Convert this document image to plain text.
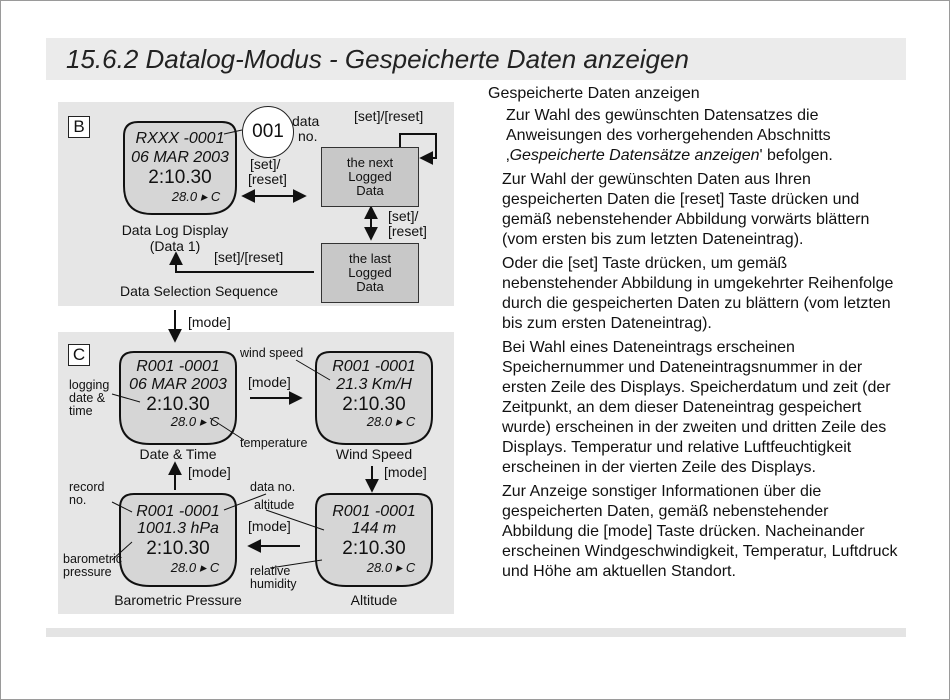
15.6.2 Datalog-Modus - Gespeicherte Daten anzeigen
B
RXXX -0001
06 MAR 2003
2:10.30
28.0 ▸ C
001 data
no.
[set]/[reset]
[set]/
[reset]
the next
Logged
Data
[set]/
[reset]
the last
Logged
Data
Data Log Display
(Data 1)
[set]/[reset]
Data Selection Sequence
[mode]
C
R001 -0001
06 MAR 2003
2:10.30
28.0 ▸ C
Date & Time
logging
date &
time
R001 -0001
21.3 Km/H
2:10.30
28.0 ▸ C
Wind Speed
wind speed
[mode]
temperature
[mode]
[mode]
R001 -0001
1001.3 hPa
2:10.30
28.0 ▸ C
Barometric Pressure
record
no.
barometric
pressure
data no.
altitude
[mode]
relative
humidity
R001 -0001
144 m
2:10.30
28.0 ▸ C
Altitude
Gespeicherte Daten anzeigen
Zur Wahl des gewünschten Datensatzes die Anweisungen des vorhergehenden Abschnitts ‚Gespeicherte Datensätze anzeigen' befolgen.
Zur Wahl der gewünschten Daten aus Ihren gespeicherten Daten die [reset] Taste drücken und gemäß nebenstehender Abbildung vorwärts blättern (vom ersten bis zum letzten Dateneintrag).
Oder die [set] Taste drücken, um gemäß nebenstehender Abbildung in umgekehrter Reihenfolge durch die gespeicherten Daten zu blättern (vom letzten bis zum ersten Dateneintrag).
Bei Wahl eines Dateneintrags erscheinen Speichernummer und Dateneintragsnummer in der ersten Zeile des Displays. Speicherdatum und zeit (der Zeitpunkt, an dem dieser Dateneintrag gespeichert wurde) erscheinen in der zweiten und dritten Zeile des Displays. Temperatur und relative Luftfeuchtigkeit erscheinen in der vierten Zeile des Displays.
Zur Anzeige sonstiger Informationen über die gespeicherten Daten, gemäß nebenstehender Abbildung die [mode] Taste drücken. Nacheinander erscheinen Windgeschwindigkeit, Temperatur, Luftdruck und Höhe am aktuellen Standort.
